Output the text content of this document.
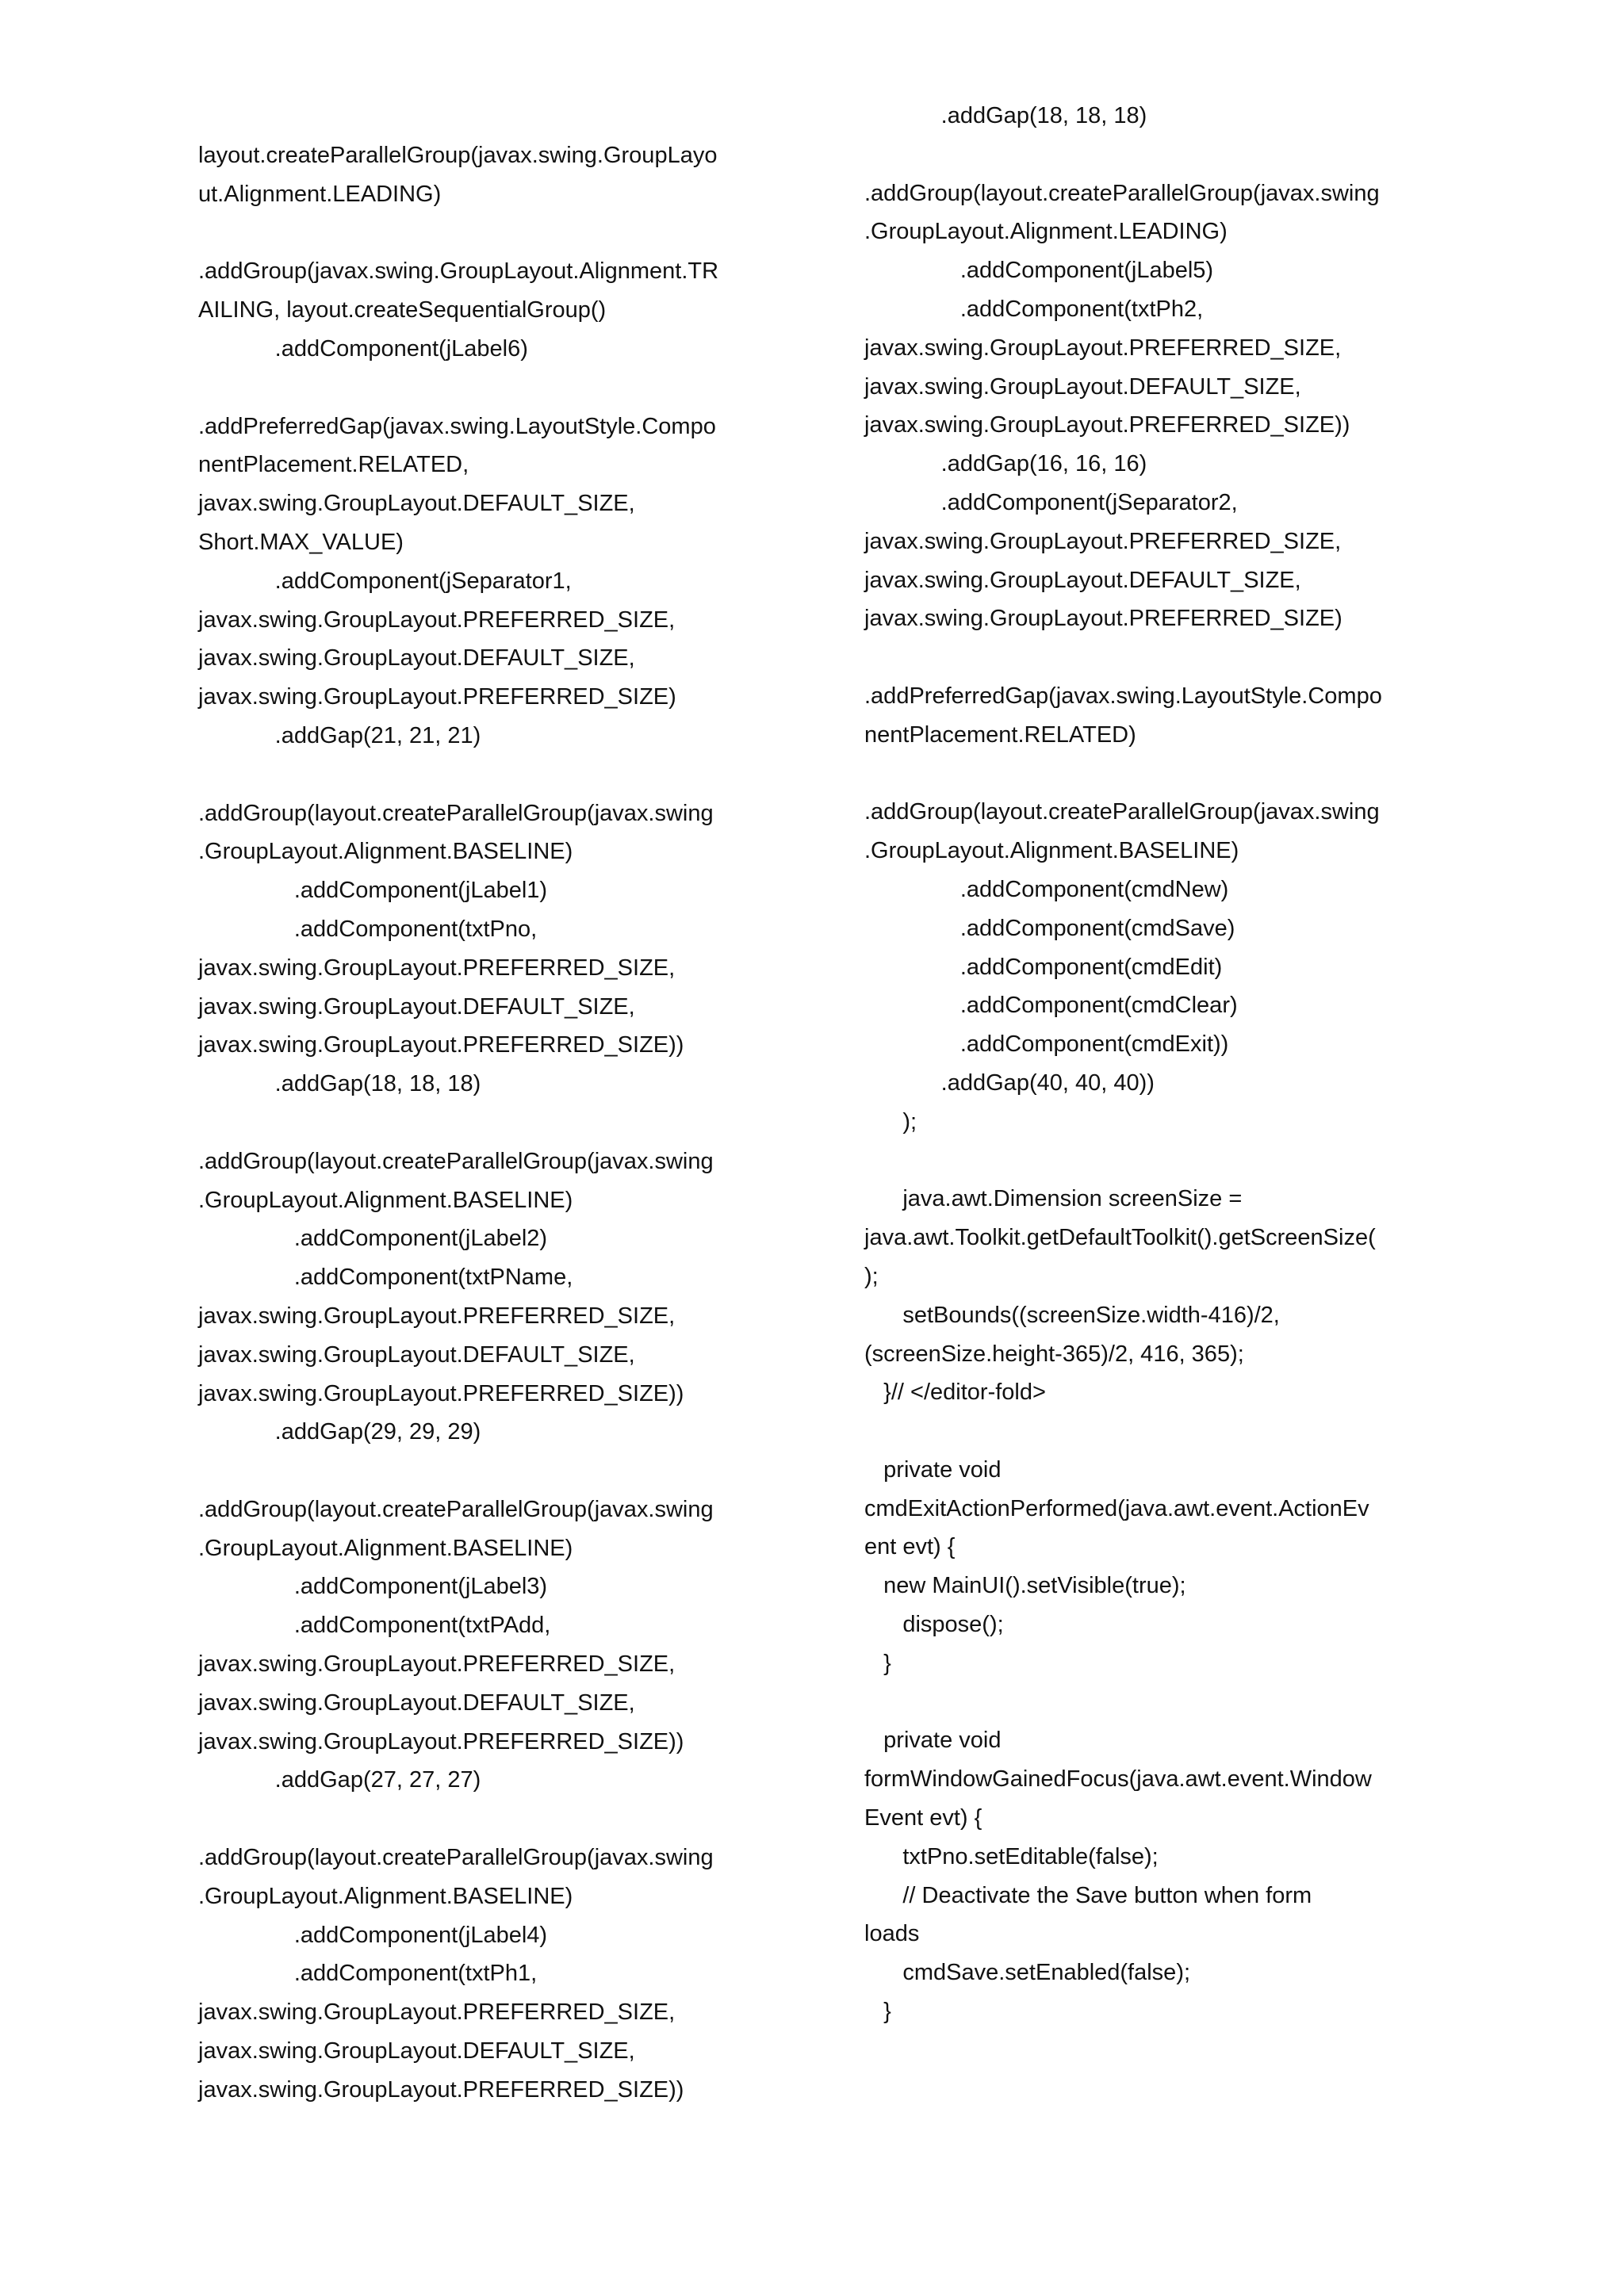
layout.createParallelGroup(javax.swing.GroupLayo
ut.Alignment.LEADING)
.addGroup(javax.swing.GroupLayout.Alignment.TR
AILING, layout.createSequentialGroup()
.addComponent(jLabel6)
.addPreferredGap(javax.swing.LayoutStyle.Compo
nentPlacement.RELATED,
javax.swing.GroupLayout.DEFAULT_SIZE,
Short.MAX_VALUE)
.addComponent(jSeparator1,
javax.swing.GroupLayout.PREFERRED_SIZE,
javax.swing.GroupLayout.DEFAULT_SIZE,
javax.swing.GroupLayout.PREFERRED_SIZE)
.addGap(21, 21, 21)
.addGroup(layout.createParallelGroup(javax.swing
.GroupLayout.Alignment.BASELINE)
.addComponent(jLabel1)
.addComponent(txtPno,
javax.swing.GroupLayout.PREFERRED_SIZE,
javax.swing.GroupLayout.DEFAULT_SIZE,
javax.swing.GroupLayout.PREFERRED_SIZE))
.addGap(18, 18, 18)
.addGroup(layout.createParallelGroup(javax.swing
.GroupLayout.Alignment.BASELINE)
.addComponent(jLabel2)
.addComponent(txtPName,
javax.swing.GroupLayout.PREFERRED_SIZE,
javax.swing.GroupLayout.DEFAULT_SIZE,
javax.swing.GroupLayout.PREFERRED_SIZE))
.addGap(29, 29, 29)
.addGroup(layout.createParallelGroup(javax.swing
.GroupLayout.Alignment.BASELINE)
.addComponent(jLabel3)
.addComponent(txtPAdd,
javax.swing.GroupLayout.PREFERRED_SIZE,
javax.swing.GroupLayout.DEFAULT_SIZE,
javax.swing.GroupLayout.PREFERRED_SIZE))
.addGap(27, 27, 27)
.addGroup(layout.createParallelGroup(javax.swing
.GroupLayout.Alignment.BASELINE)
.addComponent(jLabel4)
.addComponent(txtPh1,
javax.swing.GroupLayout.PREFERRED_SIZE,
javax.swing.GroupLayout.DEFAULT_SIZE,
javax.swing.GroupLayout.PREFERRED_SIZE))
.addGap(18, 18, 18)
.addGroup(layout.createParallelGroup(javax.swing
.GroupLayout.Alignment.LEADING)
.addComponent(jLabel5)
.addComponent(txtPh2,
javax.swing.GroupLayout.PREFERRED_SIZE,
javax.swing.GroupLayout.DEFAULT_SIZE,
javax.swing.GroupLayout.PREFERRED_SIZE))
.addGap(16, 16, 16)
.addComponent(jSeparator2,
javax.swing.GroupLayout.PREFERRED_SIZE,
javax.swing.GroupLayout.DEFAULT_SIZE,
javax.swing.GroupLayout.PREFERRED_SIZE)
.addPreferredGap(javax.swing.LayoutStyle.Compo
nentPlacement.RELATED)
.addGroup(layout.createParallelGroup(javax.swing
.GroupLayout.Alignment.BASELINE)
.addComponent(cmdNew)
.addComponent(cmdSave)
.addComponent(cmdEdit)
.addComponent(cmdClear)
.addComponent(cmdExit))
.addGap(40, 40, 40))
);
java.awt.Dimension screenSize =
java.awt.Toolkit.getDefaultToolkit().getScreenSize(
);
setBounds((screenSize.width-416)/2,
(screenSize.height-365)/2, 416, 365);
}// </editor-fold>
private void
cmdExitActionPerformed(java.awt.event.ActionEv
ent evt) {
new MainUI().setVisible(true);
dispose();
}
private void
formWindowGainedFocus(java.awt.event.Window
Event evt) {
txtPno.setEditable(false);
// Deactivate the Save button when form
loads
cmdSave.setEnabled(false);
}
